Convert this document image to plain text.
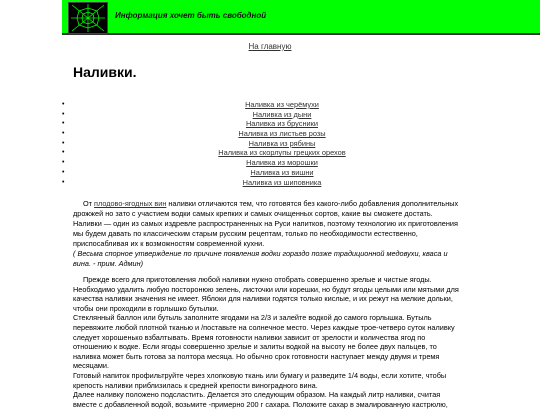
Информация хочет быть свободной
На главную
Наливки.
•	Наливка из черёмухи
•	Наливка из дыни
•	Наливка из брусники
•	Наливка из листьев розы
•	Наливка из рябины
•	Наливка из скорлупы грецких орехов
•	Наливка из морошки
•	Наливка из вишни
•	Наливка из шиповника
От плодово-ягодных вин наливки отличаются тем, что готовятся без какого-либо добавления дополнительных дрожжей но зато с участием водки самых крепких и самых очищенных сортов, какие вы сможете достать. Наливки — один из самых издревле распространенных на Руси напитков, поэтому технологию их приготовления мы будем давать по классическим старым русским рецептам, только по необходимости естественно, приспосабливая их к возможностям современной кухни.
( Весьма спорное утверждение по причине появления водки гораздо позже традиционной медовухи, кваса и вина. - прим. Админ)
Прежде всего для приготовления любой наливки нужно отобрать совершенно зрелые и чистые ягоды. Необходимо удалить любую посторонюю зелень, листочки или корешки, но будут ягоды целыми или мятыми для качества наливки значения не имеет. Яблоки для наливки годятся только кислые, и их режут на мелкие дольки, чтобы они проходили в горлышко бутылки.
Стеклянный баллон или бутыль заполните ягодами на 2/3 и залейте водкой до самого горлышка. Бутыль перевяжите любой плотной тканью и /поставьте на солнечное место. Через каждые трое-четверо суток наливку следует хорошенько взбалтывать. Время готовности наливки зависит от зрелости и количества ягод по отношению к водке. Если ягоды совершенно зрелые и залиты водкой на высоту не более двух пальцев, то наливка может быть готова за полтора месяца. Но обычно срок готовности наступает между двумя и тремя месяцами.
Готовый напиток профильтруйте через хлопковую ткань или бумагу и разведите 1/4 воды, если хотите, чтобы крепость наливки приблизилась к средней крепости виноградного вина.
Далее наливку положено подсластить. Делается это следующим образом. На каждый литр наливки, считая вместе с добавленной водой, возьмите -примерно 200 г сахара. Положите сахар в эмалированную кастрюлю,
